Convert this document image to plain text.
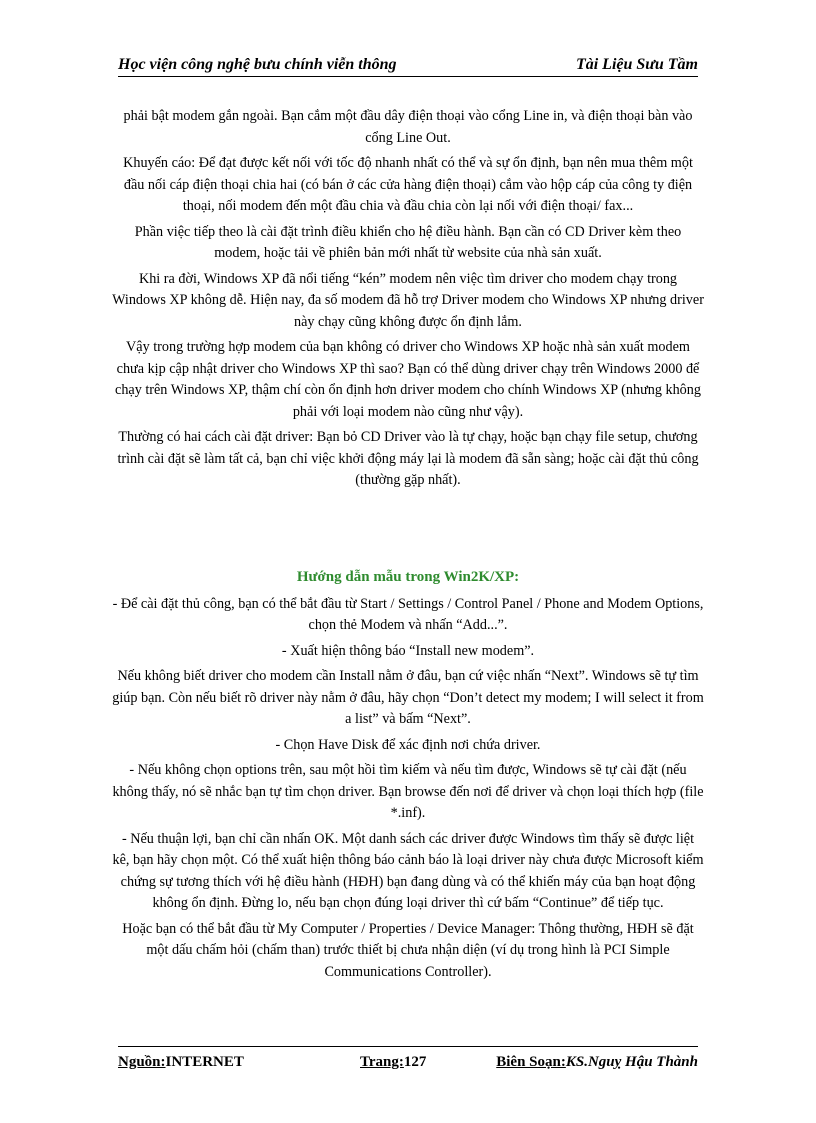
Học viện công nghệ bưu chính viễn thông	Tài Liệu Sưu Tầm

phải bật modem gắn ngoài. Bạn cắm một đầu dây điện thoại vào cổng Line in, và điện thoại bàn vào cổng Line Out.

Khuyến cáo: Để đạt được kết nối với tốc độ nhanh nhất có thể và sự ổn định, bạn nên mua thêm một đầu nối cáp điện thoại chia hai (có bán ở các cửa hàng điện thoại) cắm vào hộp cáp của công ty điện thoại, nối modem đến một đầu chia và đầu chia còn lại nối với điện thoại/ fax...

Phần việc tiếp theo là cài đặt trình điều khiển cho hệ điều hành. Bạn cần có CD Driver kèm theo modem, hoặc tải về phiên bản mới nhất từ website của nhà sản xuất.

Khi ra đời, Windows XP đã nổi tiếng “kén” modem nên việc tìm driver cho modem chạy trong Windows XP không dễ. Hiện nay, đa số modem đã hỗ trợ Driver modem cho Windows XP nhưng driver này chạy cũng không được ổn định lắm.

Vậy trong trường hợp modem của bạn không có driver cho Windows XP hoặc nhà sản xuất modem chưa kịp cập nhật driver cho Windows XP thì sao? Bạn có thể dùng driver chạy trên Windows 2000 để chạy trên Windows XP, thậm chí còn ổn định hơn driver modem cho chính Windows XP (nhưng không phải với loại modem nào cũng như vậy).

Thường có hai cách cài đặt driver: Bạn bỏ CD Driver vào là tự chạy, hoặc bạn chạy file setup, chương trình cài đặt sẽ làm tất cả, bạn chỉ việc khởi động máy lại là modem đã sẵn sàng; hoặc cài đặt thủ công (thường gặp nhất).

Hướng dẫn mẫu trong Win2K/XP:

- Để cài đặt thủ công, bạn có thể bắt đầu từ Start / Settings / Control Panel / Phone and Modem Options, chọn thẻ Modem và nhấn “Add...”.

- Xuất hiện thông báo “Install new modem”.

Nếu không biết driver cho modem cần Install nằm ở đâu, bạn cứ việc nhấn “Next”. Windows sẽ tự tìm giúp bạn. Còn nếu biết rõ driver này nằm ở đâu, hãy chọn “Don’t detect my modem; I will select it from a list” và bấm “Next”.

- Chọn Have Disk để xác định nơi chứa driver.

- Nếu không chọn options trên, sau một hồi tìm kiếm và nếu tìm được, Windows sẽ tự cài đặt (nếu không thấy, nó sẽ nhắc bạn tự tìm chọn driver. Bạn browse đến nơi để driver và chọn loại thích hợp (file *.inf).

- Nếu thuận lợi, bạn chỉ cần nhấn OK. Một danh sách các driver được Windows tìm thấy sẽ được liệt kê, bạn hãy chọn một. Có thể xuất hiện thông báo cảnh báo là loại driver này chưa được Microsoft kiểm chứng sự tương thích với hệ điều hành (HĐH) bạn đang dùng và có thể khiến máy của bạn hoạt động không ổn định. Đừng lo, nếu bạn chọn đúng loại driver thì cứ bấm “Continue” để tiếp tục.

Hoặc bạn có thể bắt đầu từ My Computer / Properties / Device Manager: Thông thường, HĐH sẽ đặt một dấu chấm hỏi (chấm than) trước thiết bị chưa nhận diện (ví dụ trong hình là PCI Simple Communications Controller).

Nguồn:INTERNET	Trang:127	Biên Soạn:KS.Nguỵ Hậu Thành
